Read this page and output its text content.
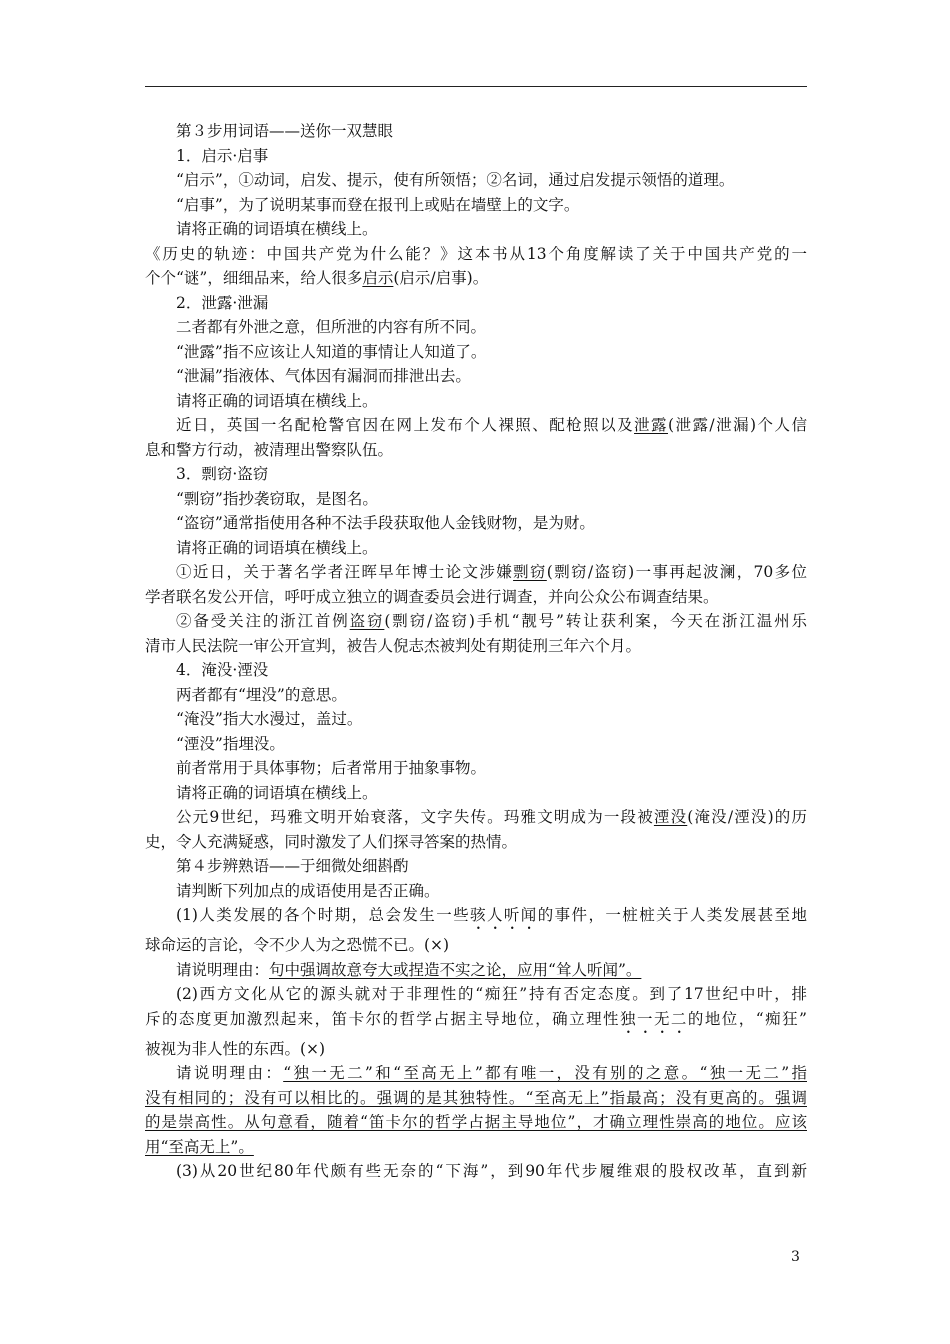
第３步用词语——送你一双慧眼

1．启示·启事

“启示”，①动词，启发、提示，使有所领悟；②名词，通过启发提示领悟的道理。

“启事”，为了说明某事而登在报刊上或贴在墙壁上的文字。

请将正确的词语填在横线上。

《历史的轨迹：中国共产党为什么能？》这本书从13个角度解读了关于中国共产党的一

个个“谜”，细细品来，给人很多启示(启示/启事)。

2．泄露·泄漏

二者都有外泄之意，但所泄的内容有所不同。

“泄露”指不应该让人知道的事情让人知道了。

“泄漏”指液体、气体因有漏洞而排泄出去。

请将正确的词语填在横线上。

近日，英国一名配枪警官因在网上发布个人裸照、配枪照以及泄露(泄露/泄漏)个人信

息和警方行动，被清理出警察队伍。

3．剽窃·盗窃

“剽窃”指抄袭窃取，是图名。

“盗窃”通常指使用各种不法手段获取他人金钱财物，是为财。

请将正确的词语填在横线上。

①近日，关于著名学者汪晖早年博士论文涉嫌剽窃(剽窃/盗窃)一事再起波澜，70多位

学者联名发公开信，呼吁成立独立的调查委员会进行调查，并向公众公布调查结果。

②备受关注的浙江首例盗窃(剽窃/盗窃)手机“靓号”转让获利案，今天在浙江温州乐

清市人民法院一审公开宣判，被告人倪志杰被判处有期徒刑三年六个月。

4．淹没·湮没

两者都有“埋没”的意思。

“淹没”指大水漫过，盖过。

“湮没”指埋没。

前者常用于具体事物；后者常用于抽象事物。

请将正确的词语填在横线上。

公元9世纪，玛雅文明开始衰落，文字失传。玛雅文明成为一段被湮没(淹没/湮没)的历

史，令人充满疑惑，同时激发了人们探寻答案的热情。

第４步辨熟语——于细微处细斟酌

请判断下列加点的成语使用是否正确。

(1)人类发展的各个时期，总会发生一些骇人听闻的事件，一桩桩关于人类发展甚至地

球命运的言论，令不少人为之恐慌不已。(×)

请说明理由：句中强调故意夸大或捏造不实之论，应用“耸人听闻”。

(2)西方文化从它的源头就对于非理性的“痴狂”持有否定态度。到了17世纪中叶，排

斥的态度更加激烈起来，笛卡尔的哲学占据主导地位，确立理性独一无二的地位，“痴狂”

被视为非人性的东西。(×)

请说明理由：“独一无二”和“至高无上”都有唯一，没有别的之意。“独一无二”指

没有相同的；没有可以相比的。强调的是其独特性。“至高无上”指最高；没有更高的。强调

的是崇高性。从句意看，随着“笛卡尔的哲学占据主导地位”，才确立理性崇高的地位。应该

用“至高无上”。

(3)从20世纪80年代颇有些无奈的“下海”，到90年代步履维艰的股权改革，直到新

3
